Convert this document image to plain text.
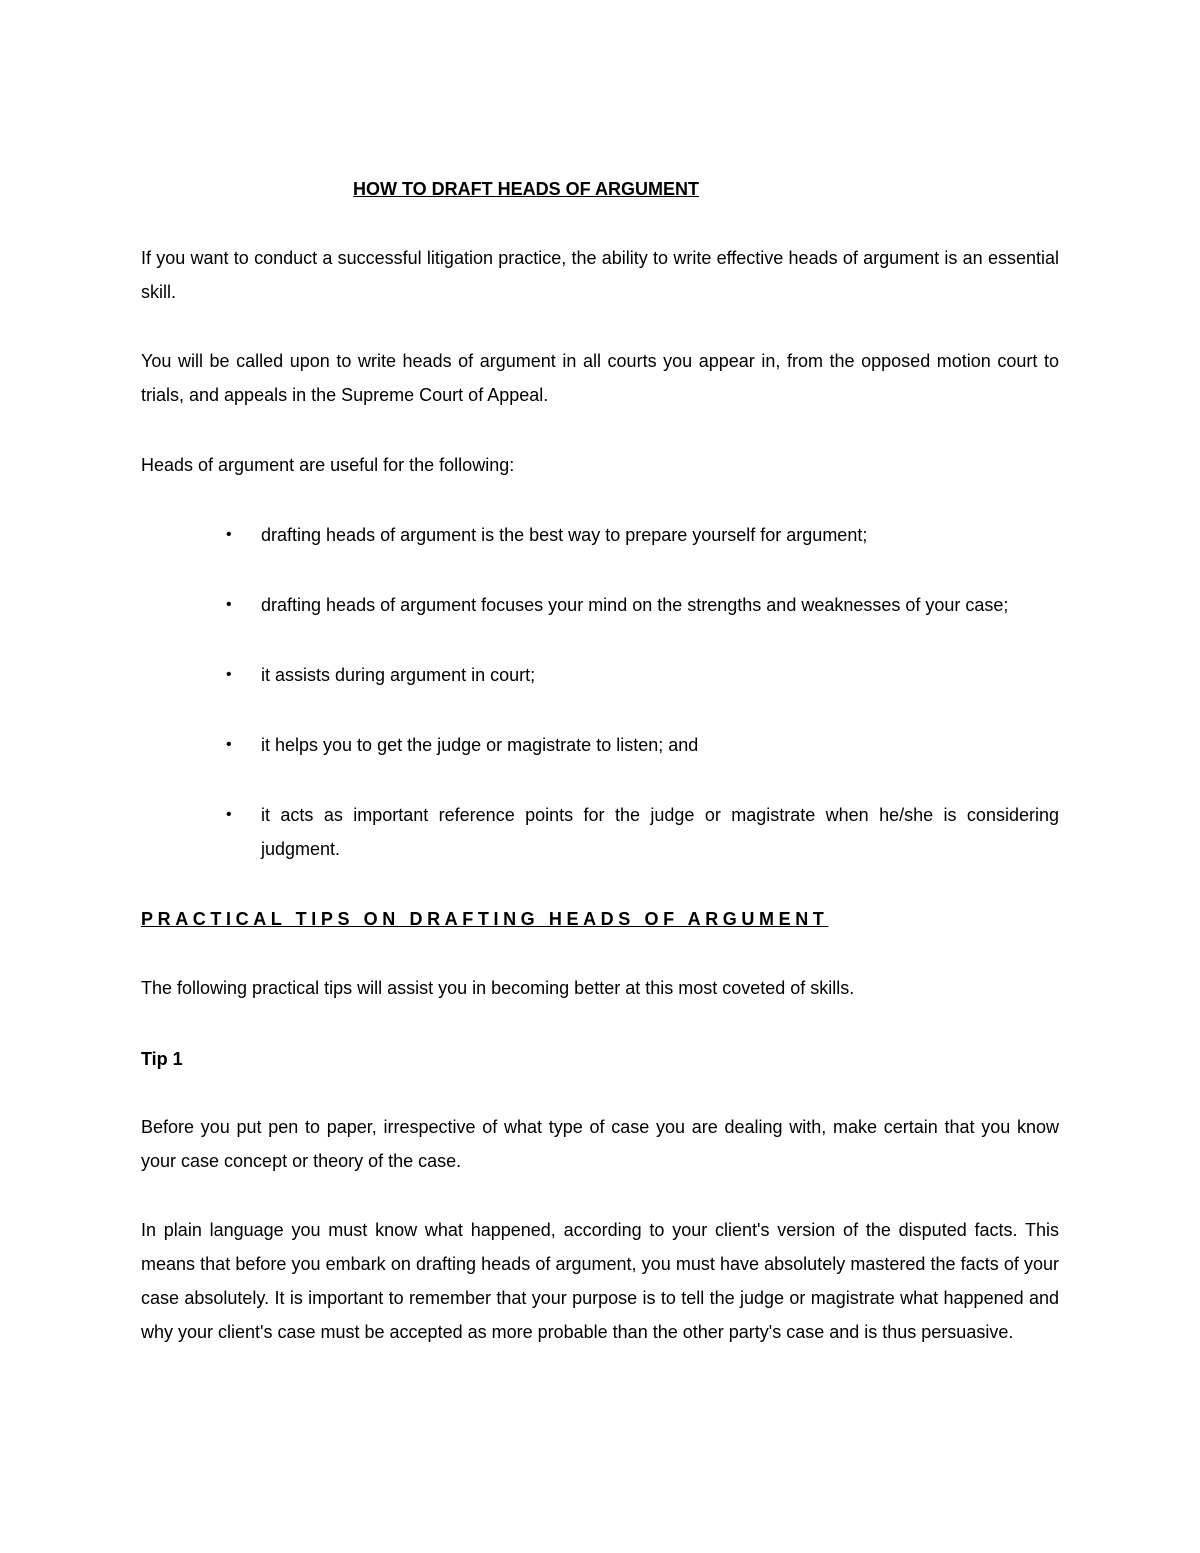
HOW TO DRAFT HEADS OF ARGUMENT
If you want to conduct a successful litigation practice, the ability to write effective heads of argument is an essential skill.
You will be called upon to write heads of argument in all courts you appear in, from the opposed motion court to trials, and appeals in the Supreme Court of Appeal.
Heads of argument are useful for the following:
•	drafting heads of argument is the best way to prepare yourself for argument;
•	drafting heads of argument focuses your mind on the strengths and weaknesses of your case;
•	it assists during argument in court;
•	it helps you to get the judge or magistrate to listen; and
•	it acts as important reference points for the judge or magistrate when he/she is considering judgment.
PRACTICAL TIPS ON DRAFTING HEADS OF ARGUMENT
The following practical tips will assist you in becoming better at this most coveted of skills.
Tip 1
Before you put pen to paper, irrespective of what type of case you are dealing with, make certain that you know your case concept or theory of the case.
In plain language you must know what happened, according to your client's version of the disputed facts. This means that before you embark on drafting heads of argument, you must have absolutely mastered the facts of your case absolutely. It is important to remember that your purpose is to tell the judge or magistrate what happened and why your client's case must be accepted as more probable than the other party's case and is thus persuasive.
